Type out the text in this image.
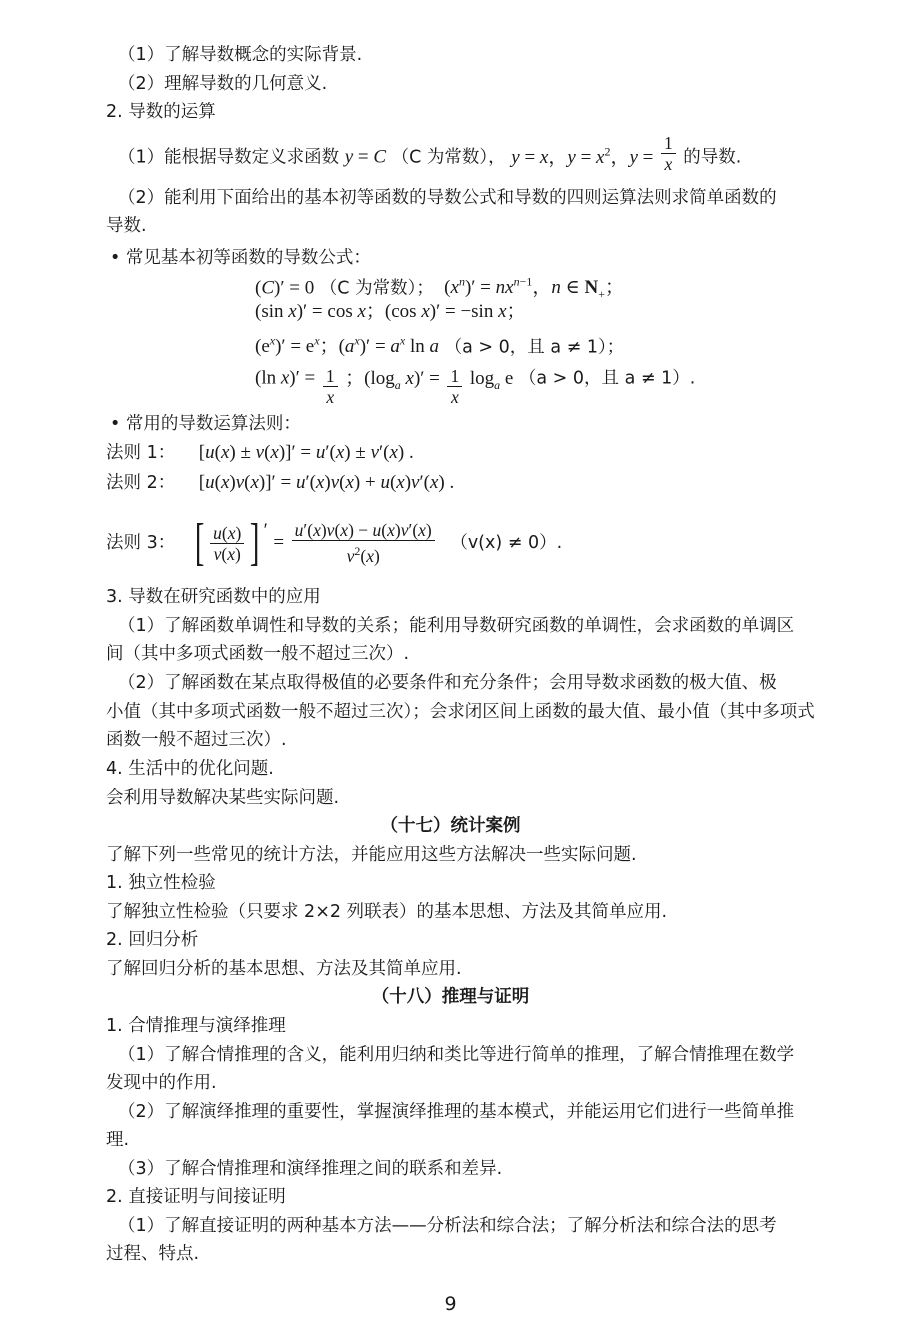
（1）了解导数概念的实际背景.
（2）理解导数的几何意义.
2. 导数的运算
（1）能根据导数定义求函数 y = C （C 为常数）， y = x，$y = x^2$，$y = \frac{1}{x}$ 的导数.
（2）能利用下面给出的基本初等函数的导数公式和导数的四则运算法则求简单函数的
导数.
• 常见基本初等函数的导数公式：
(C)′ = 0 （C 为常数）；  $(x^n)' = nx^{n-1}$，n ∈ $N_+$；
(sin x)′ = cos x；(cos x)′ = −sin x；
$(e^x)' = e^x$；$(a^x)' = a^x$ ln a （a > 0，且 a ≠ 1）；
(ln $x)' = \frac{1}{x}$ ；($\log_a$ $x)' = \frac{1}{x} \log_a e$ （a > 0，且 a ≠ 1）.
• 常用的导数运算法则：
法则 1： [u(x) ± v(x)]′ = u′(x) ± v′(x) .
法则 2： [u(x)v(x)]′ = u′(x)v(x) + u(x)v′(x) .
法则 3： [ $\frac{u(x)}{v(x)}$ ] ′ = $\frac{u'(x)v(x) - u(x)v'(x)}{v^2(x)} (v(x) \ne 0)$.
3. 导数在研究函数中的应用
（1）了解函数单调性和导数的关系；能利用导数研究函数的单调性，会求函数的单调区
间（其中多项式函数一般不超过三次）.
（2）了解函数在某点取得极值的必要条件和充分条件；会用导数求函数的极大值、极
小值（其中多项式函数一般不超过三次）；会求闭区间上函数的最大值、最小值（其中多项式
函数一般不超过三次）.
4. 生活中的优化问题.
会利用导数解决某些实际问题.
（十七）统计案例
了解下列一些常见的统计方法，并能应用这些方法解决一些实际问题.
1. 独立性检验
了解独立性检验（只要求 2×2 列联表）的基本思想、方法及其简单应用.
2. 回归分析
了解回归分析的基本思想、方法及其简单应用.
（十八）推理与证明
1. 合情推理与演绎推理
（1）了解合情推理的含义，能利用归纳和类比等进行简单的推理，了解合情推理在数学
发现中的作用.
（2）了解演绎推理的重要性，掌握演绎推理的基本模式，并能运用它们进行一些简单推
理.
（3）了解合情推理和演绎推理之间的联系和差异.
2. 直接证明与间接证明
（1）了解直接证明的两种基本方法——分析法和综合法；了解分析法和综合法的思考
过程、特点.
9
